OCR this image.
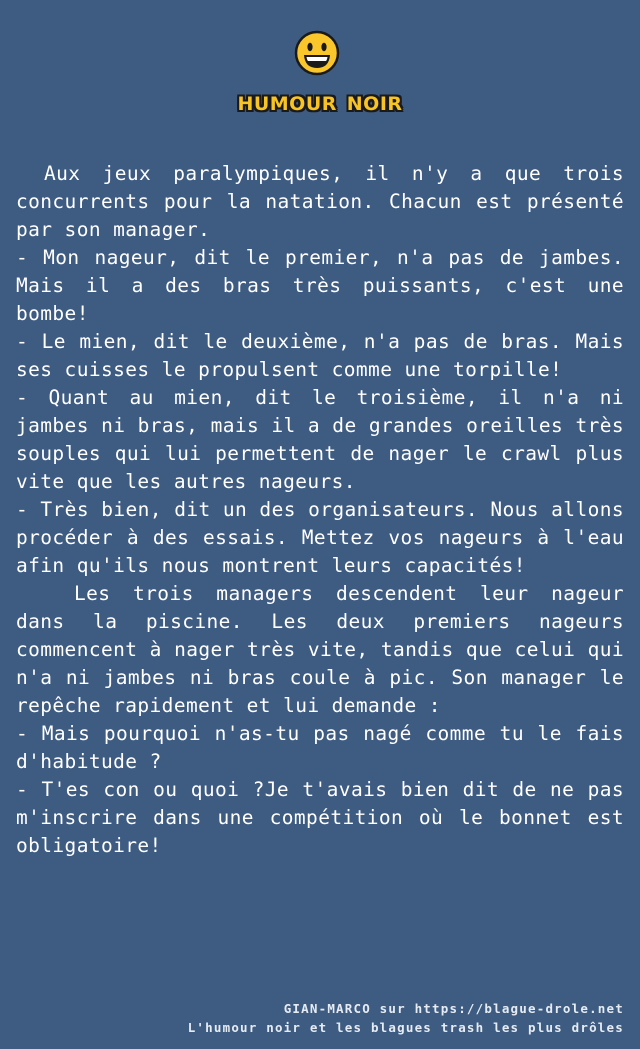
humour noir

Aux jeux paralympiques, il n'y a que trois concurrents pour la natation. Chacun est présenté par son manager.

- Mon nageur, dit le premier, n'a pas de jambes. Mais il a des bras très puissants, c'est une bombe!

- Le mien, dit le deuxième, n'a pas de bras. Mais ses cuisses le propulsent comme une torpille!

- Quant au mien, dit le troisième, il n'a ni jambes ni bras, mais il a de grandes oreilles très souples qui lui permettent de nager le crawl plus vite que les autres nageurs.

- Très bien, dit un des organisateurs. Nous allons procéder à des essais. Mettez vos nageurs à l'eau afin qu'ils nous montrent leurs capacités!

Les trois managers descendent leur nageur dans la piscine. Les deux premiers nageurs commencent à nager très vite, tandis que celui qui n'a ni jambes ni bras coule à pic. Son manager le repêche rapidement et lui demande :

- Mais pourquoi n'as-tu pas nagé comme tu le fais d'habitude ?

- T'es con ou quoi ?Je t'avais bien dit de ne pas m'inscrire dans une compétition où le bonnet est obligatoire!

GIAN-MARCO sur https://blague-drole.net
L'humour noir et les blagues trash les plus drôles
